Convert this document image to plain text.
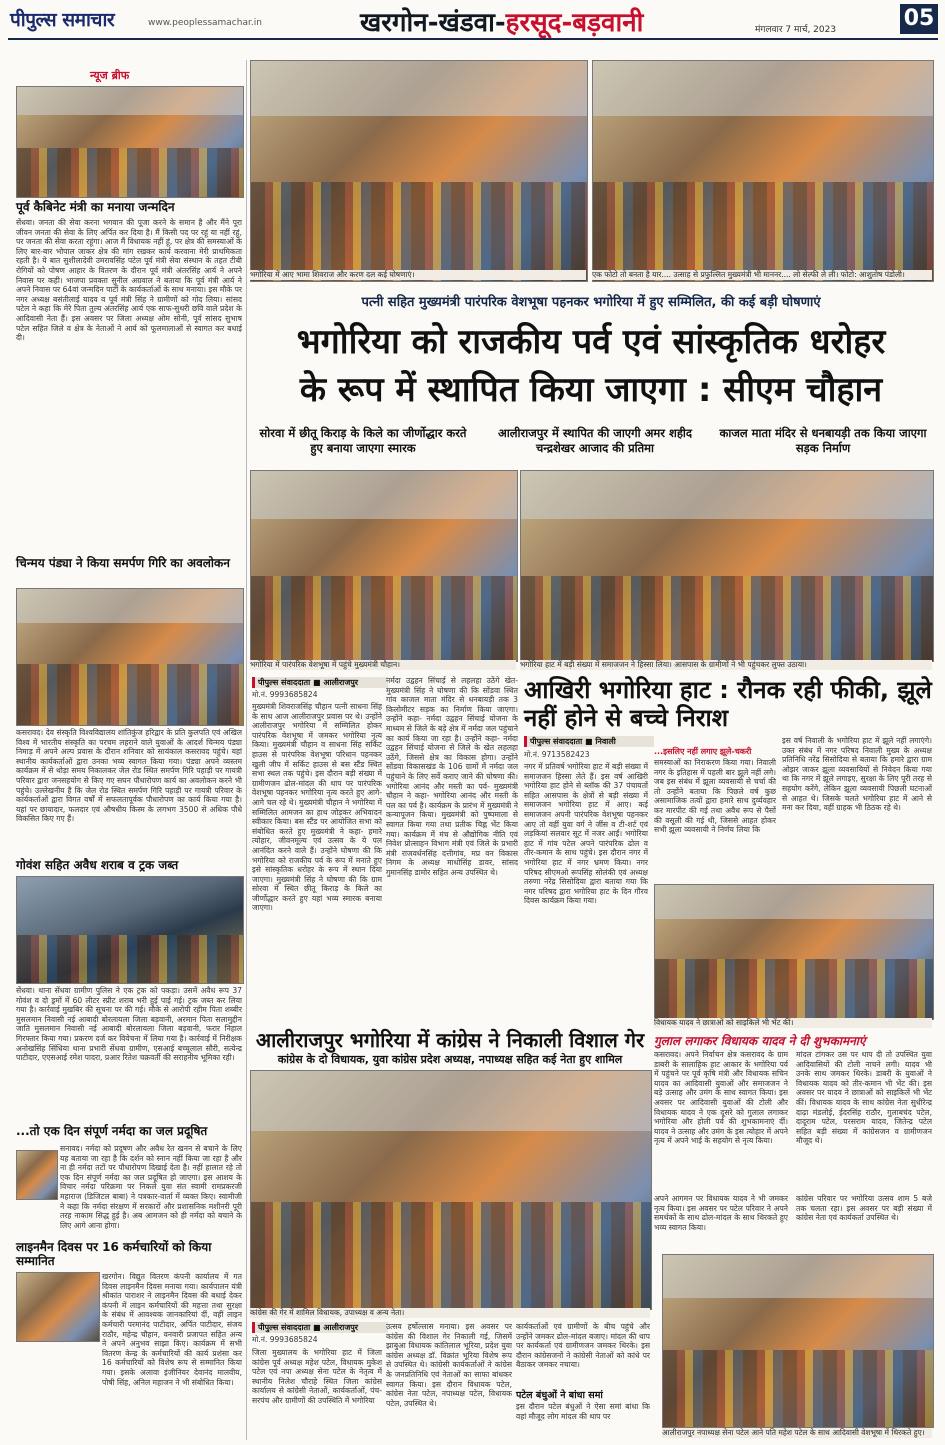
पीपुल्स समाचार	www.peoplessamachar.in	खरगोन-खंडवा-हरसूद-बड़वानी	मंगलवार 7 मार्च, 2023	05
न्यूज ब्रीफ
पूर्व कैबिनेट मंत्री का मनाया जन्मदिन
सेंधवा। जनता की सेवा करना भगवान की पूजा करने के समान है और मैंने पूरा जीवन जनता की सेवा के लिए अर्पित कर दिया है। मैं किसी पद पर रहूं या नहीं रहूं, पर जनता की सेवा करता रहूंगा। आज मैं विधायक नहीं हूं, पर क्षेत्र की समस्याओं के लिए बार-बार भोपाल जाकर क्षेत्र की मांग रखकर कार्य करवाना मेरी प्राथमिकता रहती है। ये बात सुशीलादेवी उमरावसिंह पटेल पूर्व मंत्री सेवा संस्थान के तहत टीबी रोगियों को पोषण आहार के वितरण के दौरान पूर्व मंत्री अंतरसिंह आर्य ने अपने निवास पर कही। भाजपा प्रवक्ता सुनील अग्रवाल ने बताया कि पूर्व मंत्री आर्य ने अपने निवास पर 64वां जन्मदिन पार्टी के कार्यकर्ताओं के साथ मनाया। इस मौके पर नगर अध्यक्ष बसंतीलाई यादव व पूर्व मंत्री सिंह ने ग्रामीणों को गोद लिया। सांसद पटेल ने कहा कि मेरे पिता तुल्य अंतरसिंह आर्य एक साफ-सुथरी छवि वाले प्रदेश के आदिवासी नेता हैं। इस अवसर पर जिला अध्यक्ष ओम सोनी, पूर्व सांसद सुभाष पटेल सहित जिले व क्षेत्र के नेताओं ने आर्य को फूलमालाओं से स्वागत कर बधाई दी।
चिन्मय पंड्या ने किया समर्पण गिरि का अवलोकन
कसरावद। देव संस्कृति विश्वविद्यालय शांतिकुंज हरिद्वार के प्रति कुलपति एवं अखिल विश्व में भारतीय संस्कृति का परचम लहराने वाले युवाओं के आदर्श चिन्मय पंड्या निमाड़ में अपने अल्प प्रवास के दौरान शनिवार को सायंकाल कसरावद पहुंचे। यहां स्थानीय कार्यकर्ताओं द्वारा उनका भव्य स्वागत किया गया। पंड्या अपने व्यस्तम कार्यक्रम में से थोड़ा समय निकालकर जेल रोड स्थित समर्पण गिरि पहाड़ी पर गायत्री परिवार द्वारा जनसहयोग से किए गए सघन पौधारोपण कार्य का अवलोकन करने भी पहुंचे। उल्लेखनीय है कि जेल रोड स्थित समर्पण गिरि पहाड़ी पर गायत्री परिवार के कार्यकर्ताओं द्वारा विगत वर्षों में सफलतापूर्वक पौधारोपण का कार्य किया गया है। यहां पर छायादार, फलदार एवं औषधीय किस्म के लगभग 3500 से अधिक पौधे विकसित किए गए हैं।
गोवंश सहित अवैध शराब व ट्रक जब्त
सेंधवा। थाना सेंधवा ग्रामीण पुलिस ने एक ट्रक को पकड़ा। उसमें अवैध रूप 37 गोवंश व दो ड्रमों में 60 लीटर स्प्रीट शराब भरी हुई पाई गई। ट्रक जब्त कर लिया गया है। कार्रवाई मुखबिर की सूचना पर की गई। मौके से आरोपी रहीम पिता शब्बीर मुसलमान निवासी नई आबादी बोरलायला जिला बड़वानी, अरमान पिता सलामुद्दीन जाति मुसलमान निवासी नई आबादी बोरलायला जिला बड़वानी, फरार निहाल गिरफ्तार किया गया। प्रकरण दर्ज कर विवेचना में लिया गया है। कार्रवाई में निरीक्षक अनोखसिंह सिंधिया थाना प्रभारी सेंधवा ग्रामीण, एसआई बच्चूलाल सौरी, सत्येन्द्र पाटीदार, एएसआई रमेश पादरा, प्रआर रितेश चक्रवर्ती की सराहनीय भूमिका रही।
...तो एक दिन संपूर्ण नर्मदा का जल प्रदूषित
सनावद। नर्मदा को प्रदूषण और अवैध रेत खनन से बचाने के लिए यह बताया जा रहा है कि दर्शन को स्नान नहीं किया जा रहा है और ना ही नर्मदा तटों पर पौधारोपण दिखाई देता है। नहीं हालात रहे तो एक दिन संपूर्ण नर्मदा का जल प्रदूषित हो जाएगा। इस आशय के विचार नर्मदा परिक्रमा पर निकले युवा संत स्वामी रामप्रकरजी महाराज (डिजिटल बाबा) ने पत्रकार-वार्ता में व्यक्त किए। स्वामीजी ने कहा कि नर्मदा संरक्षण में सरकारों और प्रशासनिक मशीनरी पूरी तरह नाकाम सिद्ध हुई है। अब आमजन को ही नर्मदा को बचाने के लिए आगे आना होगा।
लाइनमैन दिवस पर 16 कर्मचारियों को किया सम्मानित
खरगोन। विद्युत वितरण कंपनी कार्यालय में गत दिवस लाइनमैन दिवस मनाया गया। कार्यपालन यंत्री श्रीकांत पाराशर ने लाइनमैन दिवस की बधाई देकर कंपनी में लाइन कर्मचारियों की महत्ता तथा सुरक्षा के संबंध में आवश्यक जानकारियां दीं, वहीं लाइन कर्मचारी परमानंद पाटीदार, अर्पित पाटीदार, संजय राठौर, महेन्द्र चौहान, वनवारी प्रजापत सहित अन्य ने अपने अनुभव साझा किए। कार्यक्रम में सभी वितरण केन्द्र के कर्मचारियों की कार्य प्रशंसा कर 16 कर्मचारियों को विशेष रूप से सम्मानित किया गया। इसके अलावा इंजीनियर देवानंद मालवीय, पोषी सिंह, अनिल महाजन ने भी संबोधित किया।
भगोरिया में आए भामा शिवराज और करण दल कई घोषणाएं।	एक फोटो तो बनता है यार.... उत्साह से प्रफुल्लित मुख्यमंत्री भी माननर.... लो सेल्फी ले ली। फोटो: आशुतोष पंडोली।
पत्नी सहित मुख्यमंत्री पारंपरिक वेशभूषा पहनकर भगोरिया में हुए सम्मिलित, की कई बड़ी घोषणाएं
भगोरिया को राजकीय पर्व एवं सांस्कृतिक धरोहर
के रूप में स्थापित किया जाएगा : सीएम चौहान
सोरवा में छीतू किराड़ के किले का जीर्णोद्धार करते हुए बनाया जाएगा स्मारक
आलीराजपुर में स्थापित की जाएगी अमर शहीद चन्द्रशेखर आजाद की प्रतिमा
काजल माता मंदिर से धनबायड़ी तक किया जाएगा सड़क निर्माण
भगोरिया में पारंपरिक वेशभूषा में पहुंचे मुख्यमंत्री चौहान।	भगोरिया हाट में बड़ी संख्या में समाजजन ने हिस्सा लिया। आसपास के ग्रामीणों ने भी पहुंचकर लुफ्त उठाया।
पीपुल्स संवाददाता ■ आलीराजपुर
मो.नं. 9993685824
मुख्यमंत्री शिवराजसिंह चौहान पत्नी साधना सिंह के साथ आज आलीराजपुर प्रवास पर थे। उन्होंने आलीराजपुर भगोरिया में सम्मिलित होकर पारंपरिक वेशभूषा में जमकर भगोरिया नृत्य किया। मुख्यमंत्री चौहान व साधना सिंह सर्किट हाउस से पारंपरिक वेशभूषा परिधान पहनकर खुली जीप में सर्किट हाउस से बस स्टैंड स्थित सभा स्थल तक पहुंचे। इस दौरान बड़ी संख्या में ग्रामीणजन ढोल-मांदल की थाप पर पारंपरिक वेशभूषा पहनकर भगोरिया नृत्य करते हुए आगे-आगे चल रहे थे। मुख्यमंत्री चौहान ने भगोरिया में सम्मिलित आमजन का हाथ जोड़कर अभिवादन स्वीकार किया। बस स्टैंड पर आयोजित सभा को संबोधित करते हुए मुख्यमंत्री ने कहा- हमारे त्योहार, जीवनमूल्य एवं उत्सव के ये पल आनंदित करने वाले हैं। उन्होंने घोषणा की कि भगोरिया को राजकीय पर्व के रूप में मनाते हुए इसे सांस्कृतिक धरोहर के रूप में स्थान दिया जाएगा। मुख्यमंत्री सिंह ने घोषणा की कि ग्राम सोरवा में स्थित छीतू किराड़ के किले का जीर्णोद्धार करते हुए यहां भव्य स्मारक बनाया जाएगा।
नर्मदा उद्वहन सिंचाई से लहलहा उठेंगे खेत-मुख्यमंत्री सिंह ने घोषणा की कि सोंडवा स्थित गांव काजल माता मंदिर से धनबायड़ी तक 3 किलोमीटर सड़क का निर्माण किया जाएगा। उन्होंने कहा- नर्मदा उद्वहन सिंचाई योजना के माध्यम से जिले के बड़े क्षेत्र में नर्मदा जल पहुंचाने का कार्य किया जा रहा है। उन्होंने कहा- नर्मदा उद्वहन सिंचाई योजना से जिले के खेत लहलहा उठेंगे, जिससे क्षेत्र का विकास होगा। उन्होंने सोंडवा विकासखंड के 106 ग्रामों में नर्मदा जल पहुंचाने के लिए सर्वे कराए जाने की घोषणा की। भगोरिया आनंद और मस्ती का पर्व- मुख्यमंत्री चौहान ने कहा- भगोरिया आनंद और मस्ती के पल का पर्व है। कार्यक्रम के प्रारंभ में मुख्यमंत्री ने कन्यापूजन किया। मुख्यमंत्री को पुष्पमाला से स्वागत किया गया तथा प्रतीक चिह्न भेंट किया गया। कार्यक्रम में मंच से औद्योगिक नीति एवं निवेश प्रोत्साहन विभाग मंत्री एवं जिले के प्रभारी मंत्री राजवर्धनसिंह दत्तीगांव, मप्र वन विकास निगम के अध्यक्ष माधोसिंह डावर, सांसद गुमानसिंह डामोर सहित अन्य उपस्थित थे।
आखिरी भगोरिया हाट : रौनक रही फीकी, झूले नहीं होने से बच्चे निराश
पीपुल्स संवाददाता ■ निवाली
मो.नं. 9713582423
नगर में प्रतिवर्ष भगोरिया हाट में बड़ी संख्या में समाजजन हिस्सा लेते हैं। इस वर्ष आखिरी भगोरिया हाट होने से ब्लॉक की 37 पंचायतों सहित आसपास के क्षेत्रों से बड़ी संख्या में समाजजन भगोरिया हाट में आए। कई समाजजन अपनी पारंपरिक वेशभूषा पहनकर आए तो वहीं युवा वर्ग ने जींस व टी-शर्ट एवं लड़कियां सलवार सूट में नजर आईं। भगोरिया हाट में गांव पटेल अपने पारंपरिक ढोल व तीर-कमान के साथ पहुंचे। इस दौरान नगर में भगोरिया हाट में नगर भ्रमण किया। नगर परिषद सीएमओ रूपसिंह सोलंकी एवं अध्यक्ष तरुणा नरेंद्र सिसोदिया द्वारा बताया गया कि नगर परिषद द्वारा भगोरिया हाट के दिन गौरव दिवस कार्यक्रम किया गया।
...इसलिए नहीं लगाए झूले-चकरी
समस्याओं का निराकरण किया गया। निवाली नगर के इतिहास में पहली बार झूले नहीं लगे। जब इस संबंध में झूला व्यवसायी से चर्चा की तो उन्होंने बताया कि पिछले वर्ष कुछ असामाजिक तत्वों द्वारा हमारे साथ दुर्व्यवहार कर मारपीट की गई तथा अवैध रूप से पैसों की वसूली की गई थी, जिससे आहत होकर सभी झूला व्यवसायी ने निर्णय लिया कि
इस वर्ष निवाली के भगोरिया हाट में झूले नहीं लगाएंगे। उक्त संबंध में नगर परिषद निवाली मुख्य के अध्यक्ष प्रतिनिधि नरेंद्र सिसोदिया से बताया कि हमारे द्वारा ग्राम ओझर जाकर झूला व्यवसायियों से निवेदन किया गया था कि नगर में झूले लगाइए, सुरक्षा के लिए पूरी तरह से सहयोग करेंगे, लेकिन झूला व्यवसायी पिछली घटनाओं से आहत थे। जिसके चलते भगोरिया हाट में आने से मना कर दिया, वहीं ग्राहक भी ठिठक रहे थे।
विधायक यादव ने छात्राओं को साइकिलें भी भेंट कीं।
गुलाल लगाकर विधायक यादव ने दी शुभकामनाएं
कसरावद। अपने निर्वाचन क्षेत्र कसरावद के ग्राम डाबरी के सालाहिक हाट आकार के भगोरिया पर्व में पहुंचने पर पूर्व कृषि मंत्री और विधायक सचिन यादव का आदिवासी युवाओं और समाजजन ने बड़े उत्साह और उमंग के साथ स्वागत किया। इस अवसर पर आदिवासी युवाओं की टोली और विधायक यादव ने एक दूसरे को गुलाल लगाकर भगोरिया और होली पर्व की शुभकामनाएं दीं। यादव ने उत्साह और उमंग के इस त्योहार में अपने नृत्य में अपने भाई के सहयोग से नृत्य किया।
मांदल टांगकर उस पर थाप दी तो उपस्थित युवा आदिवासियों की टोली नाचने लगी। यादव भी उनके साथ जमकर थिरके। डाबरी के युवाओं ने विधायक यादव को तीर-कमान भी भेंट की। इस अवसर पर यादव ने छात्राओं को साइकिलें भी भेंट कीं। विधायक यादव के साथ कांग्रेस नेता सुधीरेन्द्र दाढ़ा मंडलोई, ईदरसिंह राठौर, गुलाबचंद पटेल, दादूराम पटेल, परसराम यादव, जितेन्द्र पटेल सहित बड़ी संख्या में कांग्रेसजन व ग्रामीणजन मौजूद थे।
अपने आगमन पर विधायक यादव ने भी जमकर नृत्य किया। इस अवसर पर पटेल परिवार ने अपने समर्थकों के साथ ढोल-मांदल के साथ थिरकते हुए भव्य स्वागत किया।
कांग्रेस परिवार पर भगोरिया उत्सव शाम 5 बजे तक चलता रहा। इस अवसर पर बड़ी संख्या में कांग्रेस नेता एवं कार्यकर्ता उपस्थित थे।
आलीराजपुर नपाध्यक्ष सेना पटेल आने पति महेश पटेल के साथ आदिवासी वेशभूषा में थिरकते हुए।
आलीराजपुर भगोरिया में कांग्रेस ने निकाली विशाल गेर
कांग्रेस के दो विधायक, युवा कांग्रेस प्रदेश अध्यक्ष, नपाध्यक्ष सहित कई नेता हुए शामिल
कांग्रेस की गेर में शामिल विधायक, उपाध्यक्ष व अन्य नेता।
पीपुल्स संवाददाता ■ आलीराजपुर
मो.नं. 9993685824
जिला मुख्यालय के भगोरिया हाट में जिला कांग्रेस पूर्व अध्यक्ष महेश पटेल, विधायक मुकेश पटेल एवं नपा अध्यक्ष सेना पटेल के नेतृत्व में स्थानीय निलेश चौराहे स्थित जिला कांग्रेस कार्यालय से कांग्रेसी नेताओं, कार्यकर्ताओं, पंच-सरपंच और ग्रामीणों की उपस्थिति में भगोरिया
उत्सव हर्षोल्लास मनाया। इस अवसर पर कांग्रेस की विशाल गेर निकाली गई, जिसमें झाबुआ विधायक कांतिलाल भूरिया, प्रदेश युवा कांग्रेस अध्यक्ष डॉ. विक्रांत भूरिया विशेष रूप से उपस्थित थे। कांग्रेसी कार्यकर्ताओं ने कांग्रेस के जनप्रतिनिधि एवं नेताओं का साफा बांधकर स्वागत किया। इस दौरान विधायक पटेल, कांग्रेस नेता पटेल, नपाध्यक्ष पटेल, विधायक पटेल, उपस्थित थे।
कार्यकर्ताओं एवं ग्रामीणों के बीच पहुंचे और उन्होंने जमकर ढोल-मांदल बजाए। मांदल की थाप पर कार्यकर्ता एवं ग्रामीणजन जमकर थिरके। इस दौरान कांग्रेसजनों ने कांग्रेसी नेताओं को कांधे पर बैठाकर जमकर नचाया।
पटेल बंधुओं ने बांधा समां
इस दौरान पटेल बंधुओं ने ऐसा समां बांधा कि वहां मौजूद लोग मांदल की थाप पर
